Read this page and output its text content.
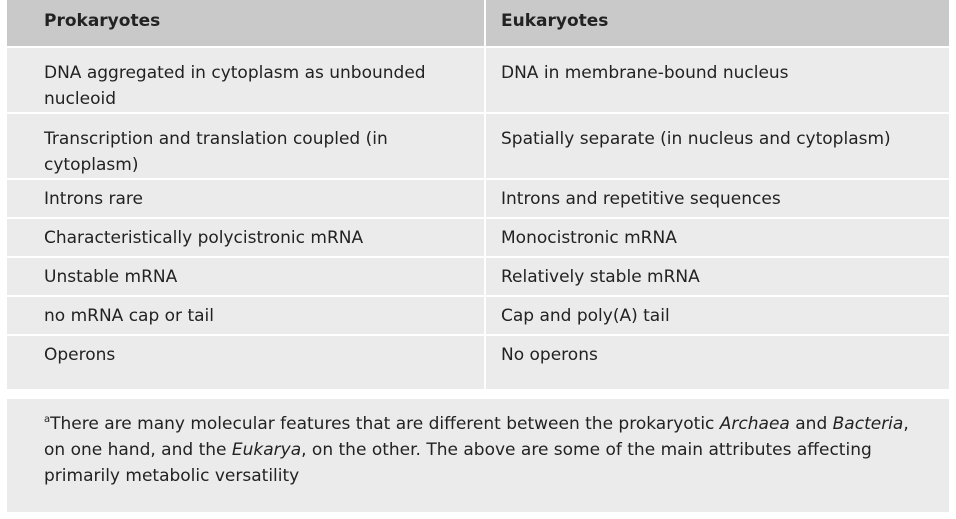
Prokaryotes	Eukaryotes
DNA aggregated in cytoplasm as unbounded nucleoid	DNA in membrane-bound nucleus
Transcription and translation coupled (in cytoplasm)	Spatially separate (in nucleus and cytoplasm)
Introns rare	Introns and repetitive sequences
Characteristically polycistronic mRNA	Monocistronic mRNA
Unstable mRNA	Relatively stable mRNA
no mRNA cap or tail	Cap and poly(A) tail
Operons	No operons
$^a$There are many molecular features that are different between the prokaryotic Archaea and Bacteria, on one hand, and the Eukarya, on the other. The above are some of the main attributes affecting primarily metabolic versatility
